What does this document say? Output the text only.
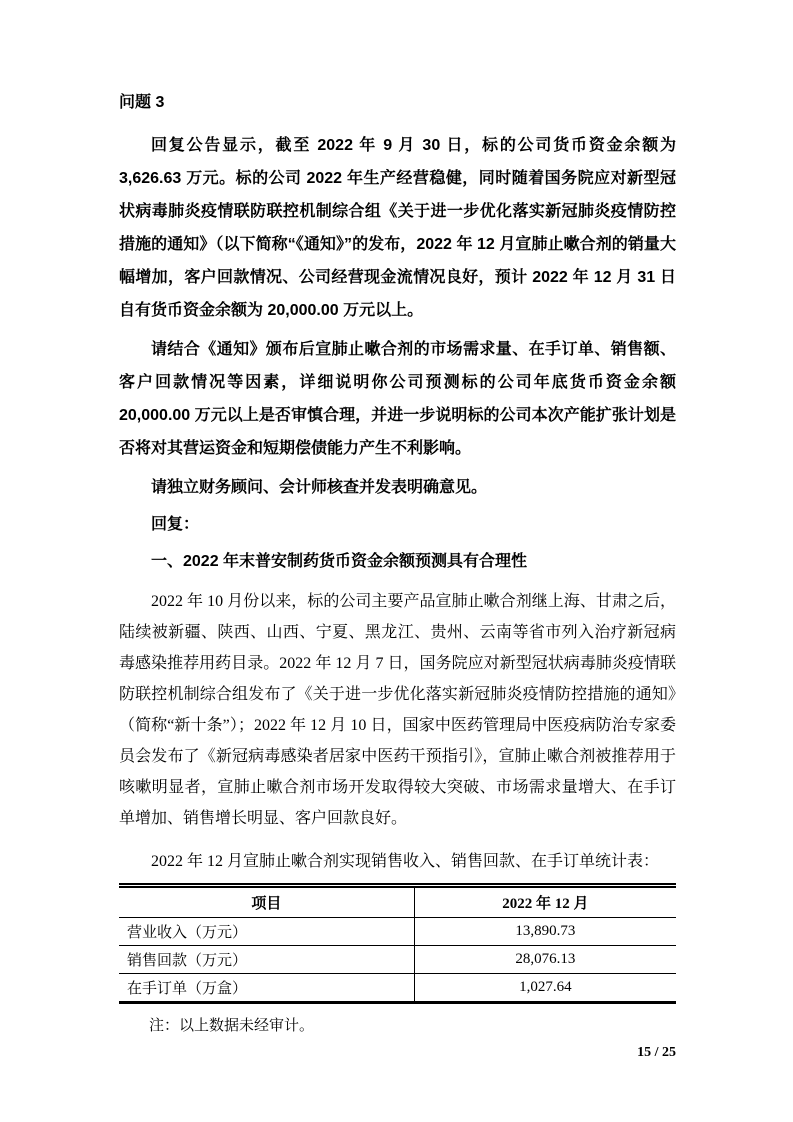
问题 3

回复公告显示，截至 2022 年 9 月 30 日，标的公司货币资金余额为 3,626.63 万元。标的公司 2022 年生产经营稳健，同时随着国务院应对新型冠状病毒肺炎疫情联防联控机制综合组《关于进一步优化落实新冠肺炎疫情防控措施的通知》（以下简称“《通知》”的发布，2022 年 12 月宣肺止嗽合剂的销量大幅增加，客户回款情况、公司经营现金流情况良好，预计 2022 年 12 月 31 日自有货币资金余额为 20,000.00 万元以上。

请结合《通知》颁布后宣肺止嗽合剂的市场需求量、在手订单、销售额、客户回款情况等因素，详细说明你公司预测标的公司年底货币资金余额 20,000.00 万元以上是否审慎合理，并进一步说明标的公司本次产能扩张计划是否将对其营运资金和短期偿债能力产生不利影响。

请独立财务顾问、会计师核查并发表明确意见。

回复：

一、2022 年末普安制药货币资金余额预测具有合理性

2022 年 10 月份以来，标的公司主要产品宣肺止嗽合剂继上海、甘肃之后，陆续被新疆、陕西、山西、宁夏、黑龙江、贵州、云南等省市列入治疗新冠病毒感染推荐用药目录。2022 年 12 月 7 日，国务院应对新型冠状病毒肺炎疫情联防联控机制综合组发布了《关于进一步优化落实新冠肺炎疫情防控措施的通知》（简称“新十条”）；2022 年 12 月 10 日，国家中医药管理局中医疫病防治专家委员会发布了《新冠病毒感染者居家中医药干预指引》，宣肺止嗽合剂被推荐用于咳嗽明显者，宣肺止嗽合剂市场开发取得较大突破、市场需求量增大、在手订单增加、销售增长明显、客户回款良好。

2022 年 12 月宣肺止嗽合剂实现销售收入、销售回款、在手订单统计表：

项目	2022 年 12 月
营业收入（万元）	13,890.73
销售回款（万元）	28,076.13
在手订单（万盒）	1,027.64

注：以上数据未经审计。

15 / 25
